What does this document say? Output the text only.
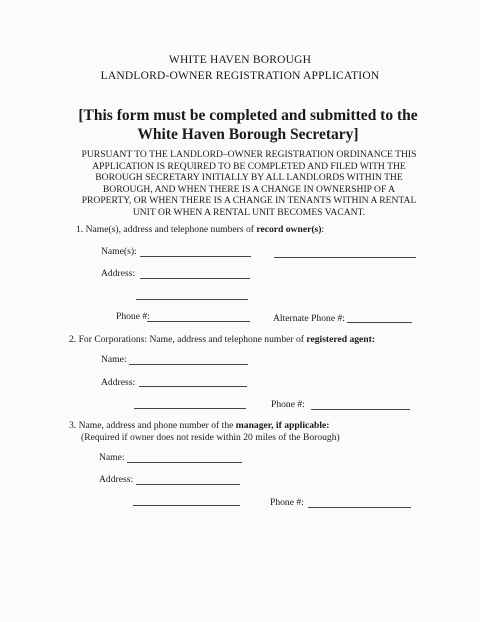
WHITE HAVEN BOROUGH
LANDLORD-OWNER REGISTRATION APPLICATION
[This form must be completed and submitted to the
White Haven Borough Secretary]
PURSUANT TO THE LANDLORD–OWNER REGISTRATION ORDINANCE THIS
APPLICATION IS REQUIRED TO BE COMPLETED AND FILED WITH THE
BOROUGH SECRETARY INITIALLY BY ALL LANDLORDS WITHIN THE
BOROUGH, AND WHEN THERE IS A CHANGE IN OWNERSHIP OF A
PROPERTY, OR WHEN THERE IS A CHANGE IN TENANTS WITHIN A RENTAL
UNIT OR WHEN A RENTAL UNIT BECOMES VACANT.
1. Name(s), address and telephone numbers of record owner(s):
Name(s):
Address:
Phone #:	Alternate Phone #:
2. For Corporations: Name, address and telephone number of registered agent:
Name:
Address:
Phone #:
3. Name, address and phone number of the manager, if applicable:
(Required if owner does not reside within 20 miles of the Borough)
Name:
Address:
Phone #:
